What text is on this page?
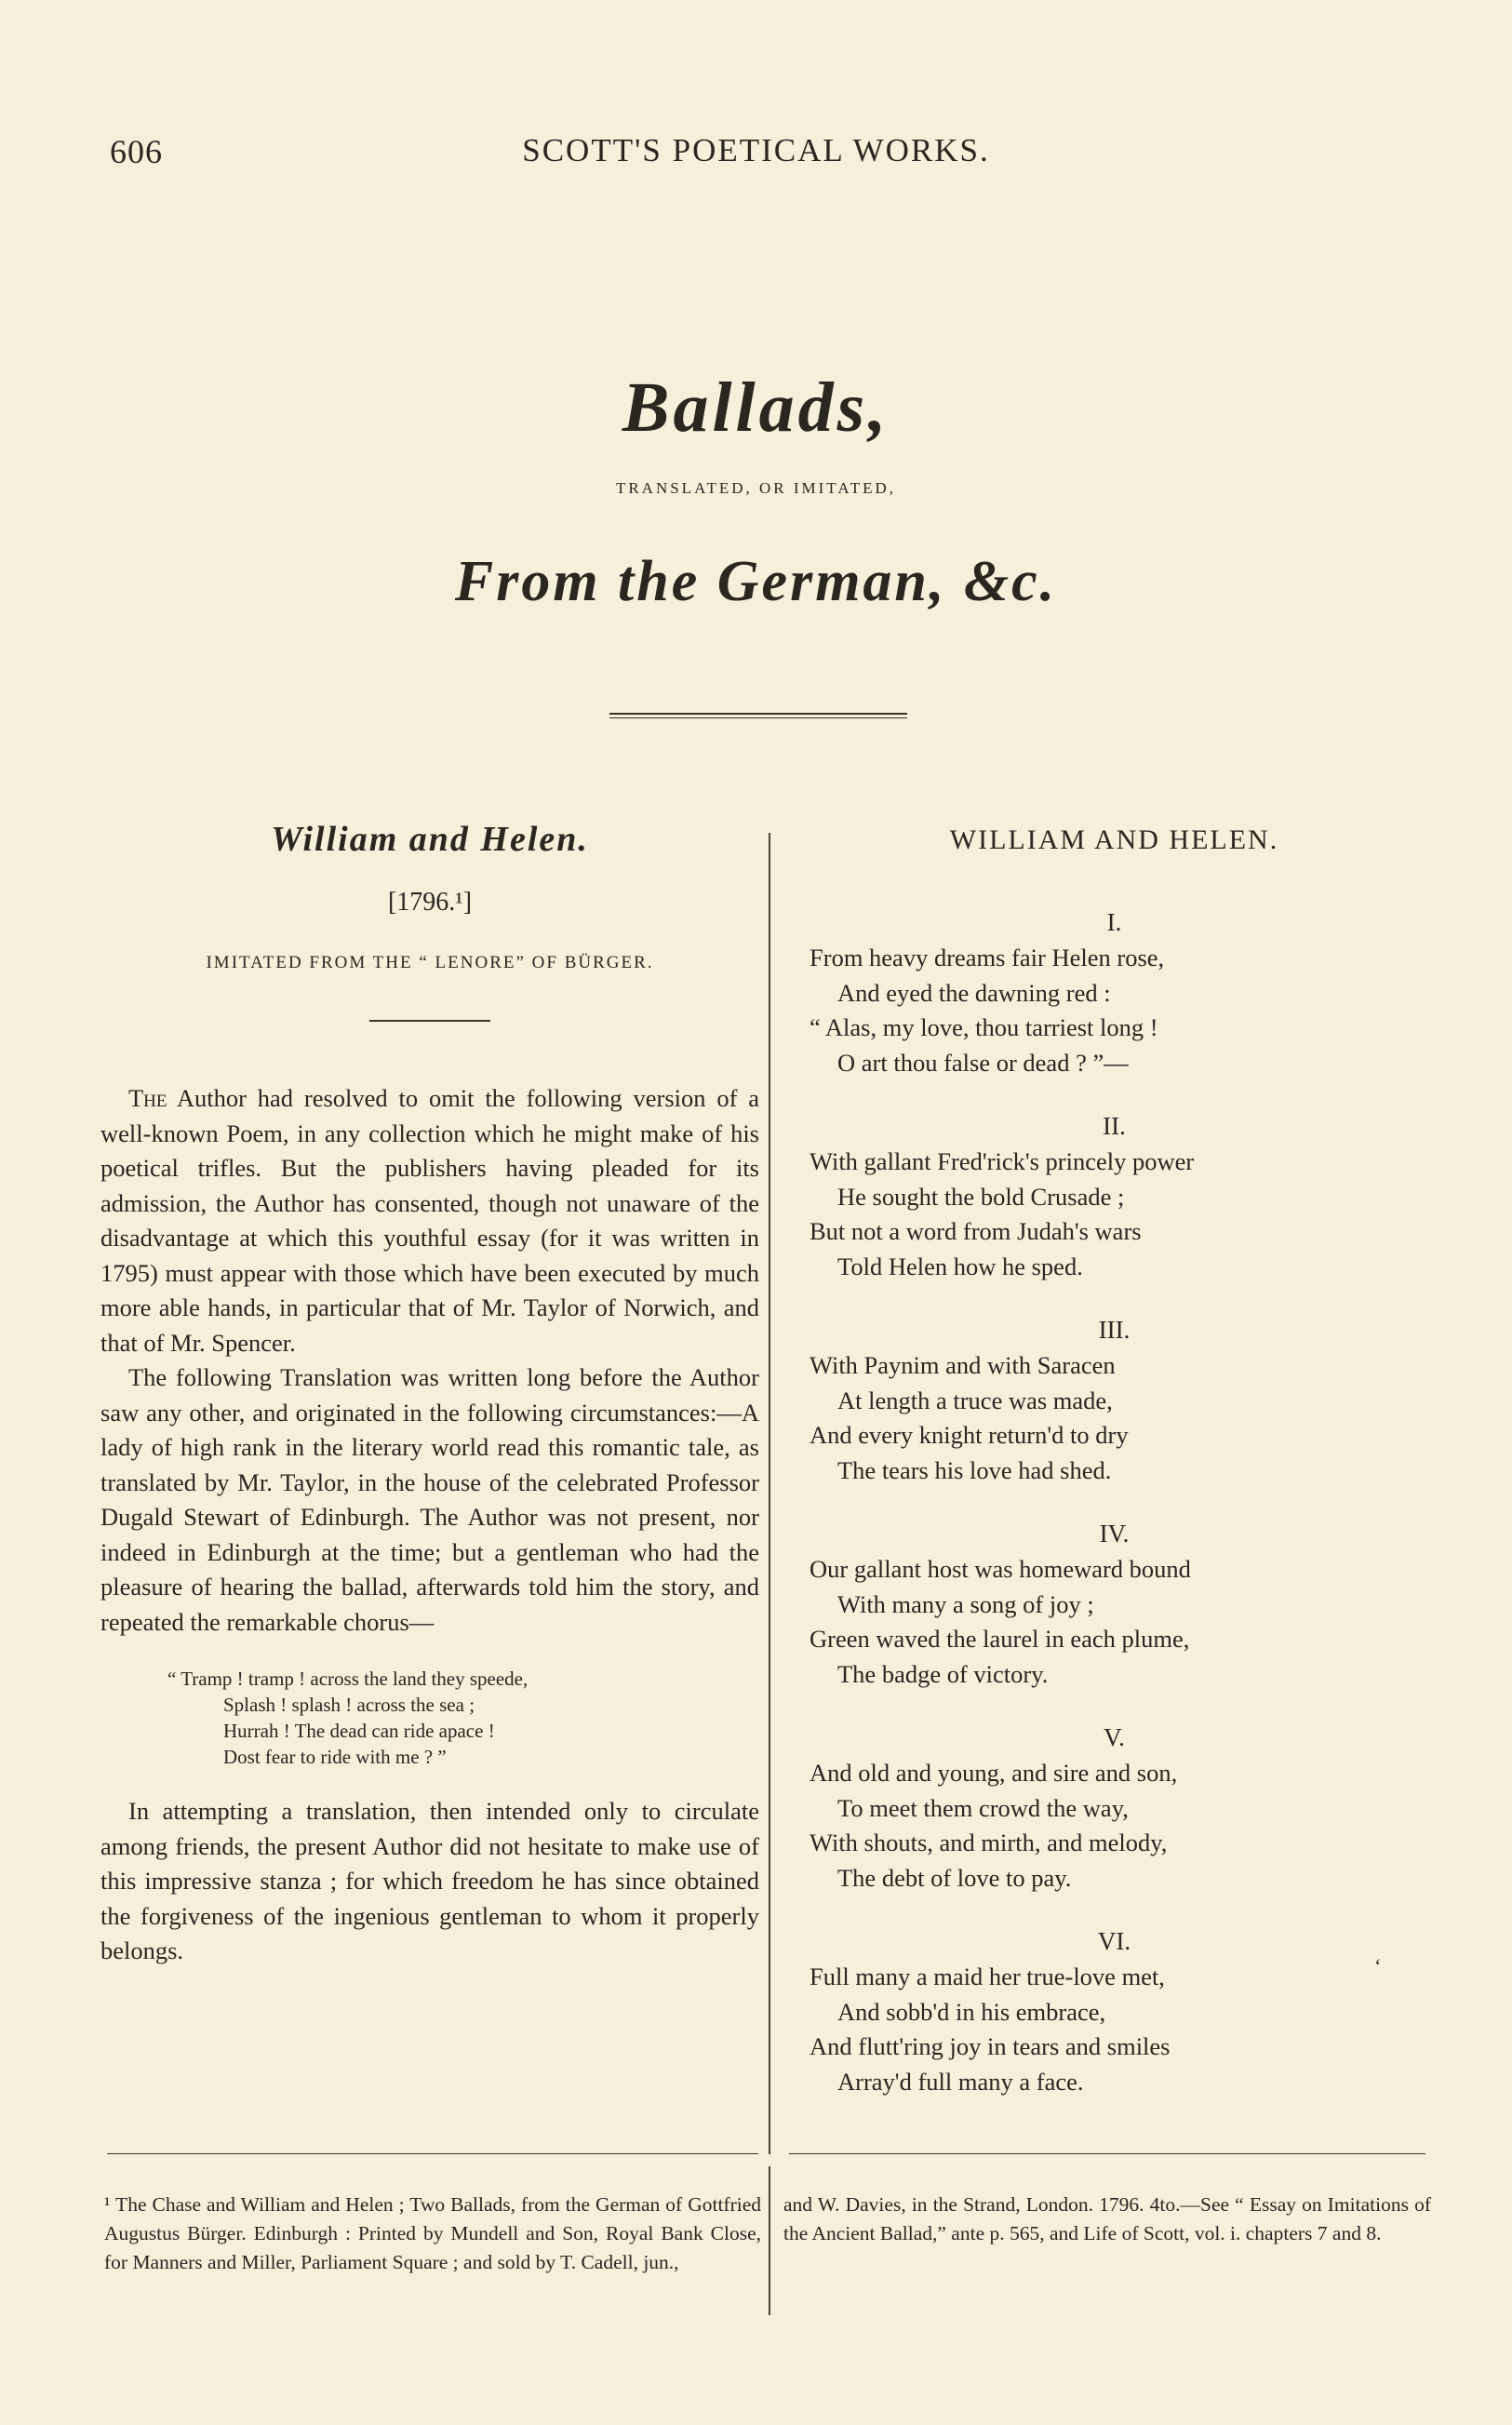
606	SCOTT'S POETICAL WORKS.
Ballads,
TRANSLATED, OR IMITATED,
From the German, &c.
William and Helen.
[1796.¹]
IMITATED FROM THE “ LENORE” OF BÜRGER.

The Author had resolved to omit the following version of a well-known Poem, in any collection which he might make of his poetical trifles. But the publishers having pleaded for its admission, the Author has consented, though not unaware of the disadvantage at which this youthful essay (for it was written in 1795) must appear with those which have been executed by much more able hands, in particular that of Mr. Taylor of Norwich, and that of Mr. Spencer.

The following Translation was written long before the Author saw any other, and originated in the following circumstances:—A lady of high rank in the literary world read this romantic tale, as translated by Mr. Taylor, in the house of the celebrated Professor Dugald Stewart of Edinburgh. The Author was not present, nor indeed in Edinburgh at the time; but a gentleman who had the pleasure of hearing the ballad, afterwards told him the story, and repeated the remarkable chorus—

“ Tramp ! tramp ! across the land they speede,
Splash ! splash ! across the sea ;
Hurrah ! The dead can ride apace !
Dost fear to ride with me ? ”

In attempting a translation, then intended only to circulate among friends, the present Author did not hesitate to make use of this impressive stanza ; for which freedom he has since obtained the forgiveness of the ingenious gentleman to whom it properly belongs.

WILLIAM AND HELEN.
I.
From heavy dreams fair Helen rose,
And eyed the dawning red :
“ Alas, my love, thou tarriest long !
O art thou false or dead ? ”—
II.
With gallant Fred'rick's princely power
He sought the bold Crusade ;
But not a word from Judah's wars
Told Helen how he sped.
III.
With Paynim and with Saracen
At length a truce was made,
And every knight return'd to dry
The tears his love had shed.
IV.
Our gallant host was homeward bound
With many a song of joy ;
Green waved the laurel in each plume,
The badge of victory.
V.
And old and young, and sire and son,
To meet them crowd the way,
With shouts, and mirth, and melody,
The debt of love to pay.
VI.
Full many a maid her true-love met,
And sobb'd in his embrace,
And flutt'ring joy in tears and smiles
Array'd full many a face.
ʻ
¹ The Chase and William and Helen ; Two Ballads, from the German of Gottfried Augustus Bürger. Edinburgh : Printed by Mundell and Son, Royal Bank Close, for Manners and Miller, Parliament Square ; and sold by T. Cadell, jun.,
and W. Davies, in the Strand, London. 1796. 4to.—See “ Essay on Imitations of the Ancient Ballad,” ante p. 565, and Life of Scott, vol. i. chapters 7 and 8.
